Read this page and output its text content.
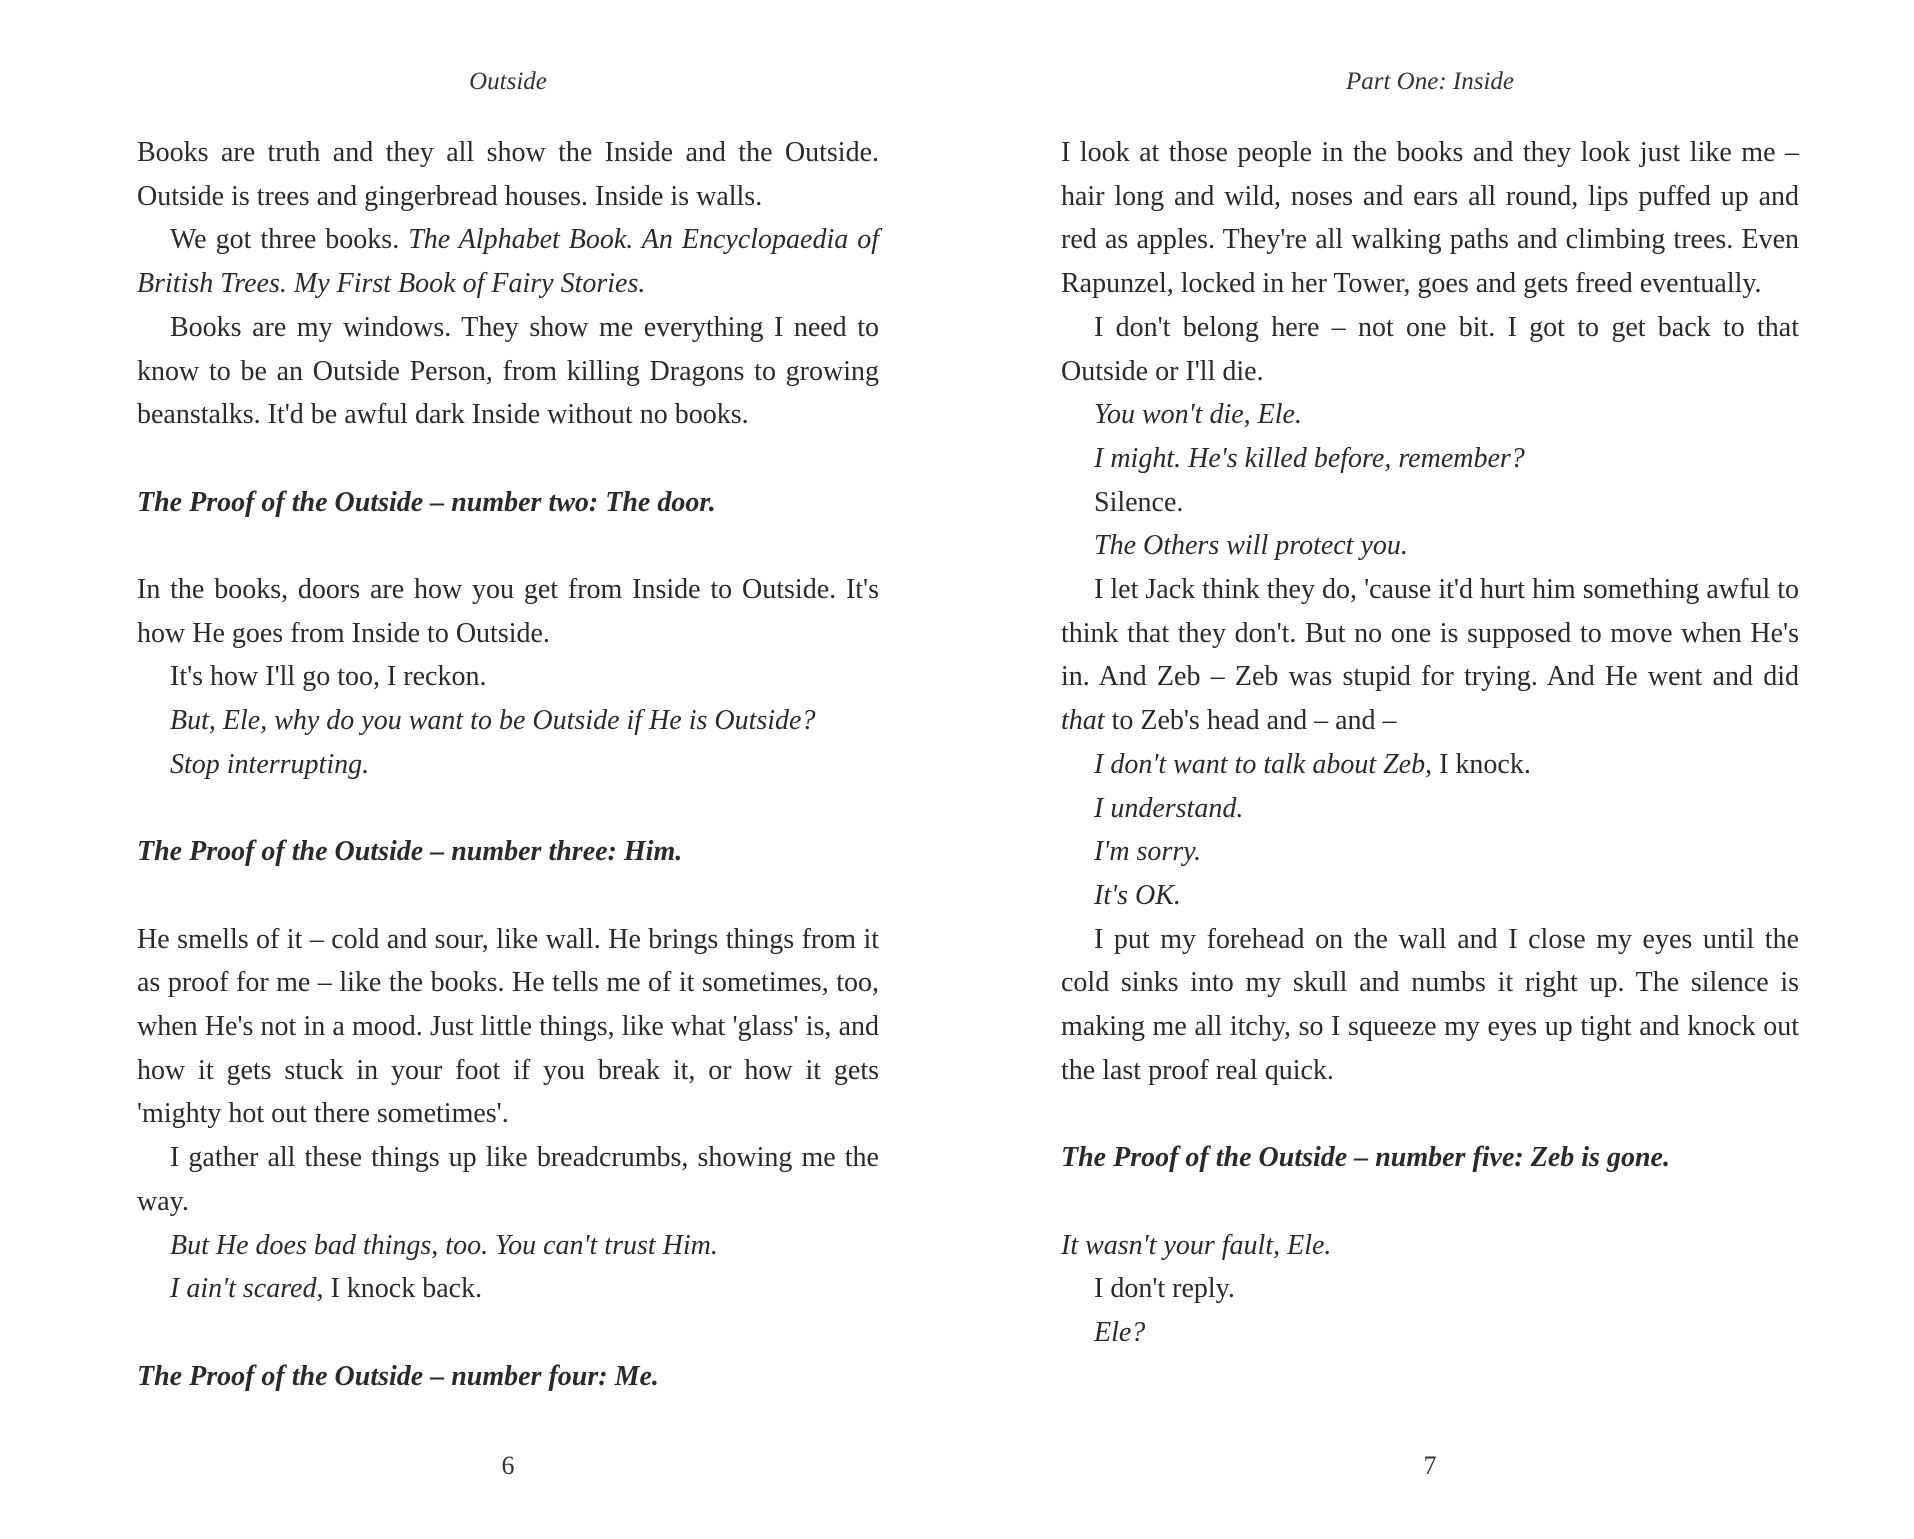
Outside

Books are truth and they all show the Inside and the Outside. Outside is trees and gingerbread houses. Inside is walls.

We got three books. The Alphabet Book. An Encyclopaedia of British Trees. My First Book of Fairy Stories.

Books are my windows. They show me everything I need to know to be an Outside Person, from killing Dragons to growing beanstalks. It'd be awful dark Inside without no books.

The Proof of the Outside – number two: The door.

In the books, doors are how you get from Inside to Outside. It's how He goes from Inside to Outside.

It's how I'll go too, I reckon.

But, Ele, why do you want to be Outside if He is Outside?

Stop interrupting.

The Proof of the Outside – number three: Him.

He smells of it – cold and sour, like wall. He brings things from it as proof for me – like the books. He tells me of it sometimes, too, when He's not in a mood. Just little things, like what 'glass' is, and how it gets stuck in your foot if you break it, or how it gets 'mighty hot out there sometimes'.

I gather all these things up like breadcrumbs, showing me the way.

But He does bad things, too. You can't trust Him.

I ain't scared, I knock back.

The Proof of the Outside – number four: Me.

6
Part One: Inside

I look at those people in the books and they look just like me – hair long and wild, noses and ears all round, lips puffed up and red as apples. They're all walking paths and climbing trees. Even Rapunzel, locked in her Tower, goes and gets freed eventually.

I don't belong here – not one bit. I got to get back to that Outside or I'll die.

You won't die, Ele.

I might. He's killed before, remember?

Silence.

The Others will protect you.

I let Jack think they do, 'cause it'd hurt him something awful to think that they don't. But no one is supposed to move when He's in. And Zeb – Zeb was stupid for trying. And He went and did that to Zeb's head and – and –

I don't want to talk about Zeb, I knock.

I understand.

I'm sorry.

It's OK.

I put my forehead on the wall and I close my eyes until the cold sinks into my skull and numbs it right up. The silence is making me all itchy, so I squeeze my eyes up tight and knock out the last proof real quick.

The Proof of the Outside – number five: Zeb is gone.

It wasn't your fault, Ele.

I don't reply.

Ele?

7
